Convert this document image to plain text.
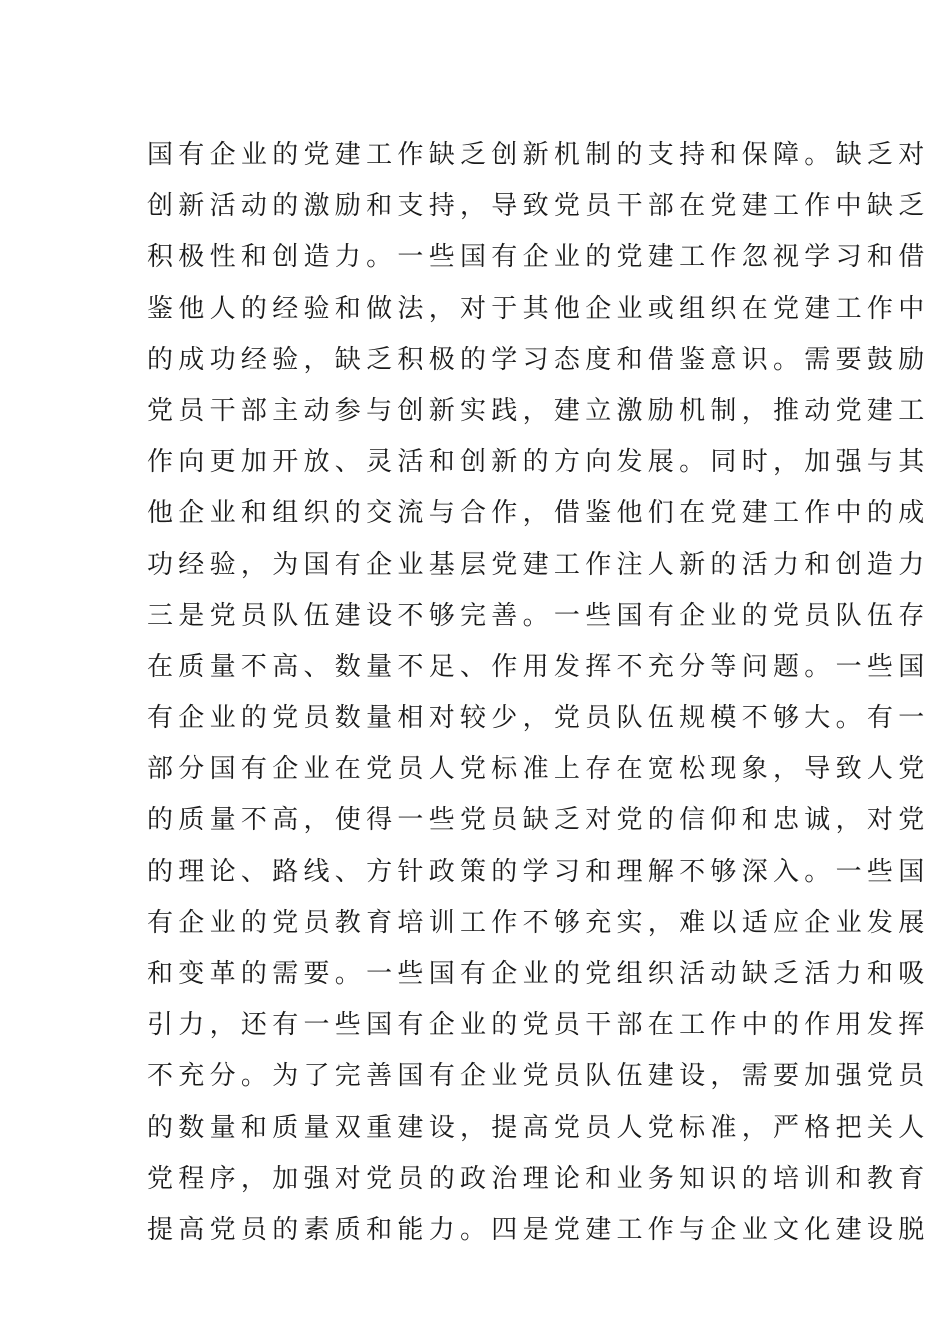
国有企业的党建工作缺乏创新机制的支持和保障。缺乏对
创新活动的激励和支持，导致党员干部在党建工作中缺乏
积极性和创造力。一些国有企业的党建工作忽视学习和借
鉴他人的经验和做法，对于其他企业或组织在党建工作中
的成功经验，缺乏积极的学习态度和借鉴意识。需要鼓励
党员干部主动参与创新实践，建立激励机制，推动党建工
作向更加开放、灵活和创新的方向发展。同时，加强与其
他企业和组织的交流与合作，借鉴他们在党建工作中的成
功经验，为国有企业基层党建工作注人新的活力和创造力
三是党员队伍建设不够完善。一些国有企业的党员队伍存
在质量不高、数量不足、作用发挥不充分等问题。一些国
有企业的党员数量相对较少，党员队伍规模不够大。有一
部分国有企业在党员人党标准上存在宽松现象，导致人党
的质量不高，使得一些党员缺乏对党的信仰和忠诚，对党
的理论、路线、方针政策的学习和理解不够深入。一些国
有企业的党员教育培训工作不够充实，难以适应企业发展
和变革的需要。一些国有企业的党组织活动缺乏活力和吸
引力，还有一些国有企业的党员干部在工作中的作用发挥
不充分。为了完善国有企业党员队伍建设，需要加强党员
的数量和质量双重建设，提高党员人党标准，严格把关人
党程序，加强对党员的政治理论和业务知识的培训和教育
提高党员的素质和能力。四是党建工作与企业文化建设脱
